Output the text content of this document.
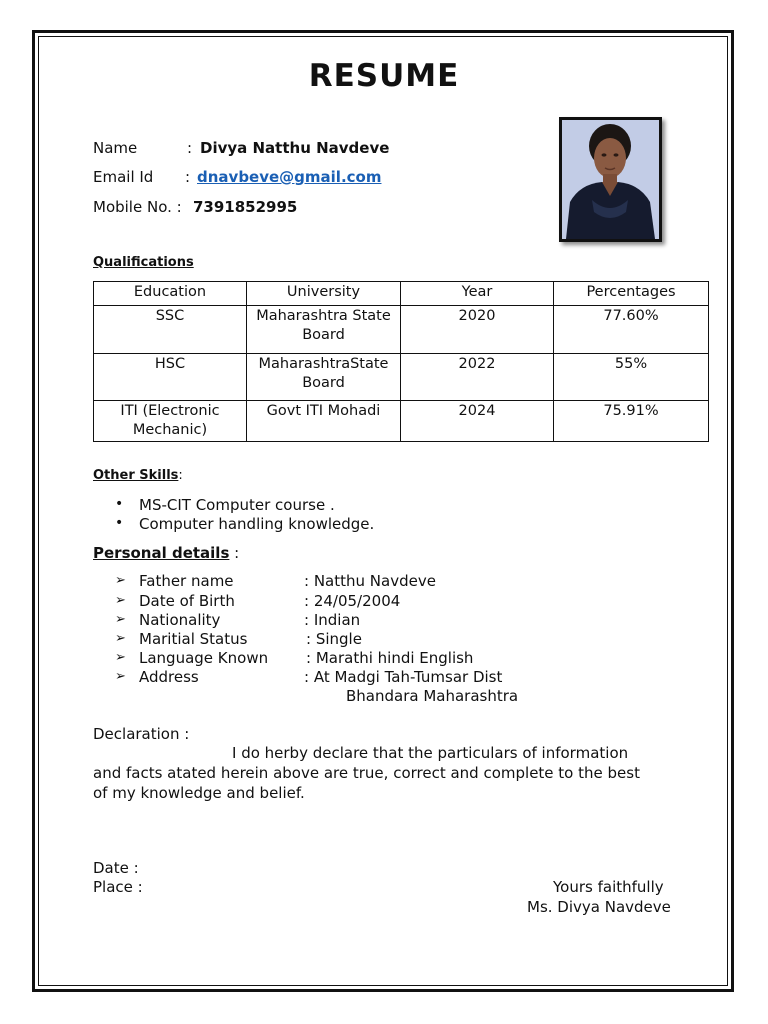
RESUME
Name	: Divya Natthu Navdeve
Email Id : dnavbeve@gmail.com
Mobile No. : 7391852995
Qualifications
Education	University	Year	Percentages
SSC	Maharashtra State Board	2020	77.60%
HSC	MaharashtraState Board	2022	55%
ITI (Electronic Mechanic)	Govt ITI Mohadi	2024	75.91%
Other Skills:
• MS-CIT Computer course .
• Computer handling knowledge.
Personal details :
➢ Father name	: Natthu Navdeve
➢ Date of Birth	: 24/05/2004
➢ Nationality	: Indian
➢ Maritial Status	: Single
➢ Language Known	: Marathi hindi English
➢ Address	: At Madgi Tah-Tumsar Dist
Bhandara Maharashtra
Declaration :
I do herby declare that the particulars of information
and facts atated herein above are true, correct and complete to the best
of my knowledge and belief.
Date :
Place :	Yours faithfully
Ms. Divya Navdeve
